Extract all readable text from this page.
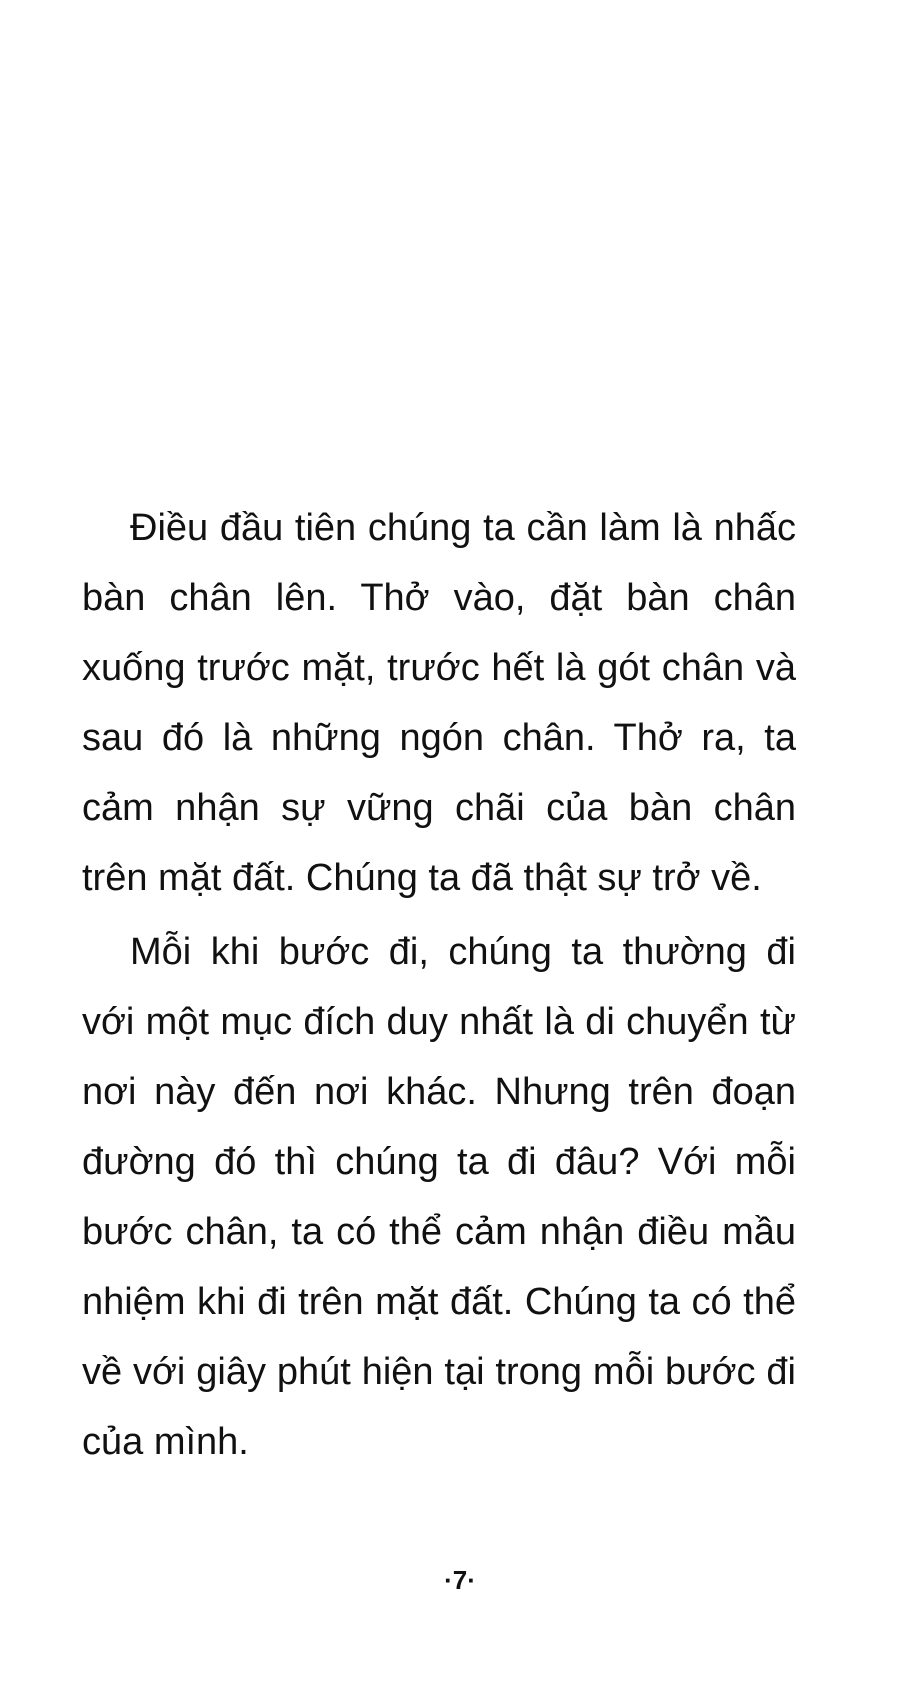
Điều đầu tiên chúng ta cần làm là nhấc bàn chân lên. Thở vào, đặt bàn chân xuống trước mặt, trước hết là gót chân và sau đó là những ngón chân. Thở ra, ta cảm nhận sự vững chãi của bàn chân trên mặt đất. Chúng ta đã thật sự trở về.

Mỗi khi bước đi, chúng ta thường đi với một mục đích duy nhất là di chuyển từ nơi này đến nơi khác. Nhưng trên đoạn đường đó thì chúng ta đi đâu? Với mỗi bước chân, ta có thể cảm nhận điều mầu nhiệm khi đi trên mặt đất. Chúng ta có thể về với giây phút hiện tại trong mỗi bước đi của mình.

·7·
